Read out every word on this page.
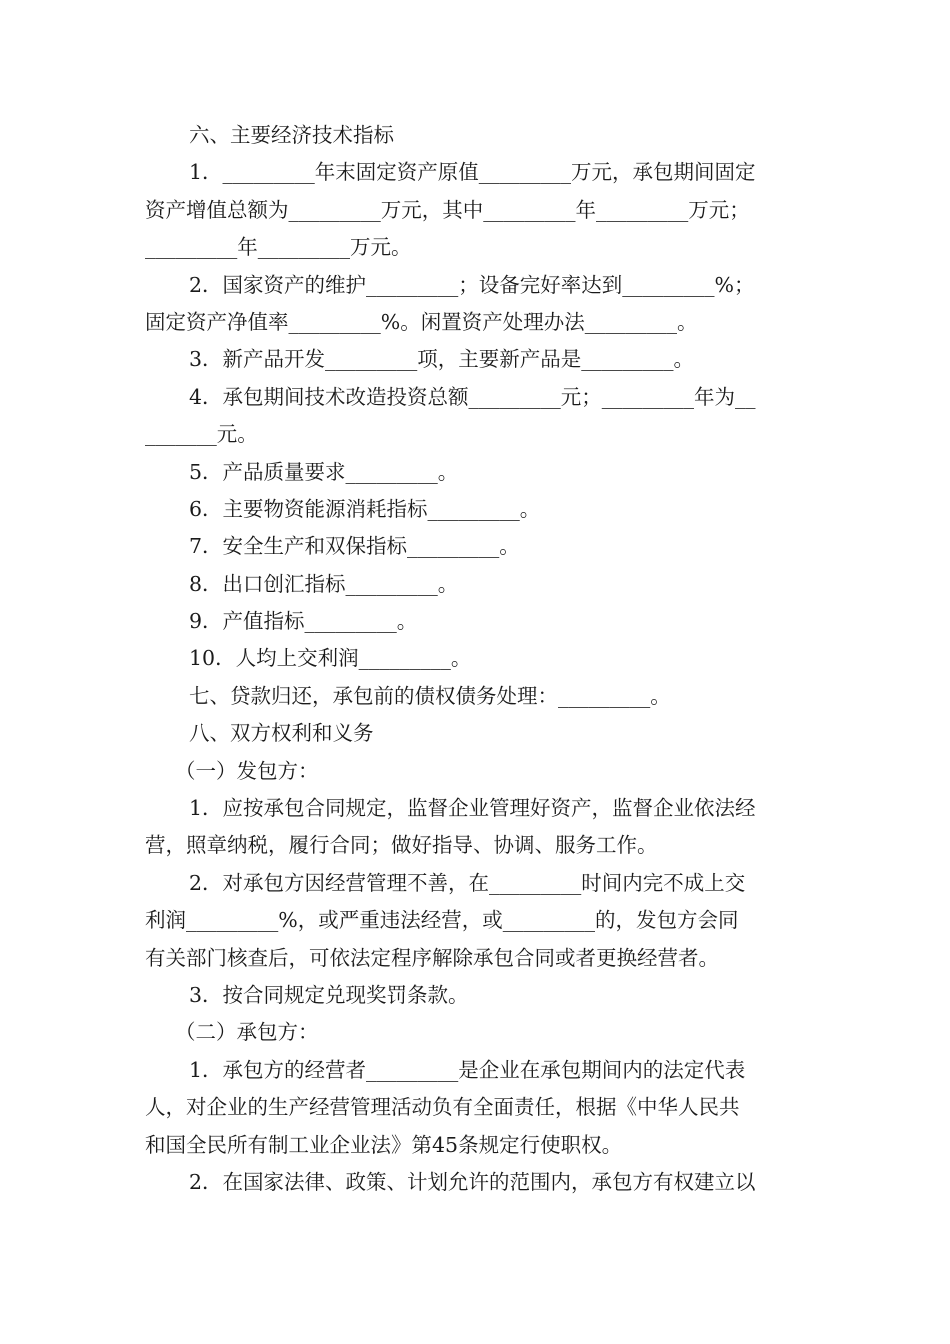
六、主要经济技术指标
1．_________年末固定资产原值_________万元，承包期间固定
资产增值总额为_________万元，其中_________年_________万元；
_________年_________万元。
2．国家资产的维护_________；设备完好率达到_________%；
固定资产净值率_________%。闲置资产处理办法_________。
3．新产品开发_________项，主要新产品是_________。
4．承包期间技术改造投资总额_________元；_________年为__
_______元。
5．产品质量要求_________。
6．主要物资能源消耗指标_________。
7．安全生产和双保指标_________。
8．出口创汇指标_________。
9．产值指标_________。
10．人均上交利润_________。
七、贷款归还，承包前的债权债务处理：_________。
八、双方权利和义务
（一）发包方：
1．应按承包合同规定，监督企业管理好资产，监督企业依法经
营，照章纳税，履行合同；做好指导、协调、服务工作。
2．对承包方因经营管理不善，在_________时间内完不成上交
利润_________%，或严重违法经营，或_________的，发包方会同
有关部门核查后，可依法定程序解除承包合同或者更换经营者。
3．按合同规定兑现奖罚条款。
（二）承包方：
1．承包方的经营者_________是企业在承包期间内的法定代表
人，对企业的生产经营管理活动负有全面责任，根据《中华人民共
和国全民所有制工业企业法》第45条规定行使职权。
2．在国家法律、政策、计划允许的范围内，承包方有权建立以
